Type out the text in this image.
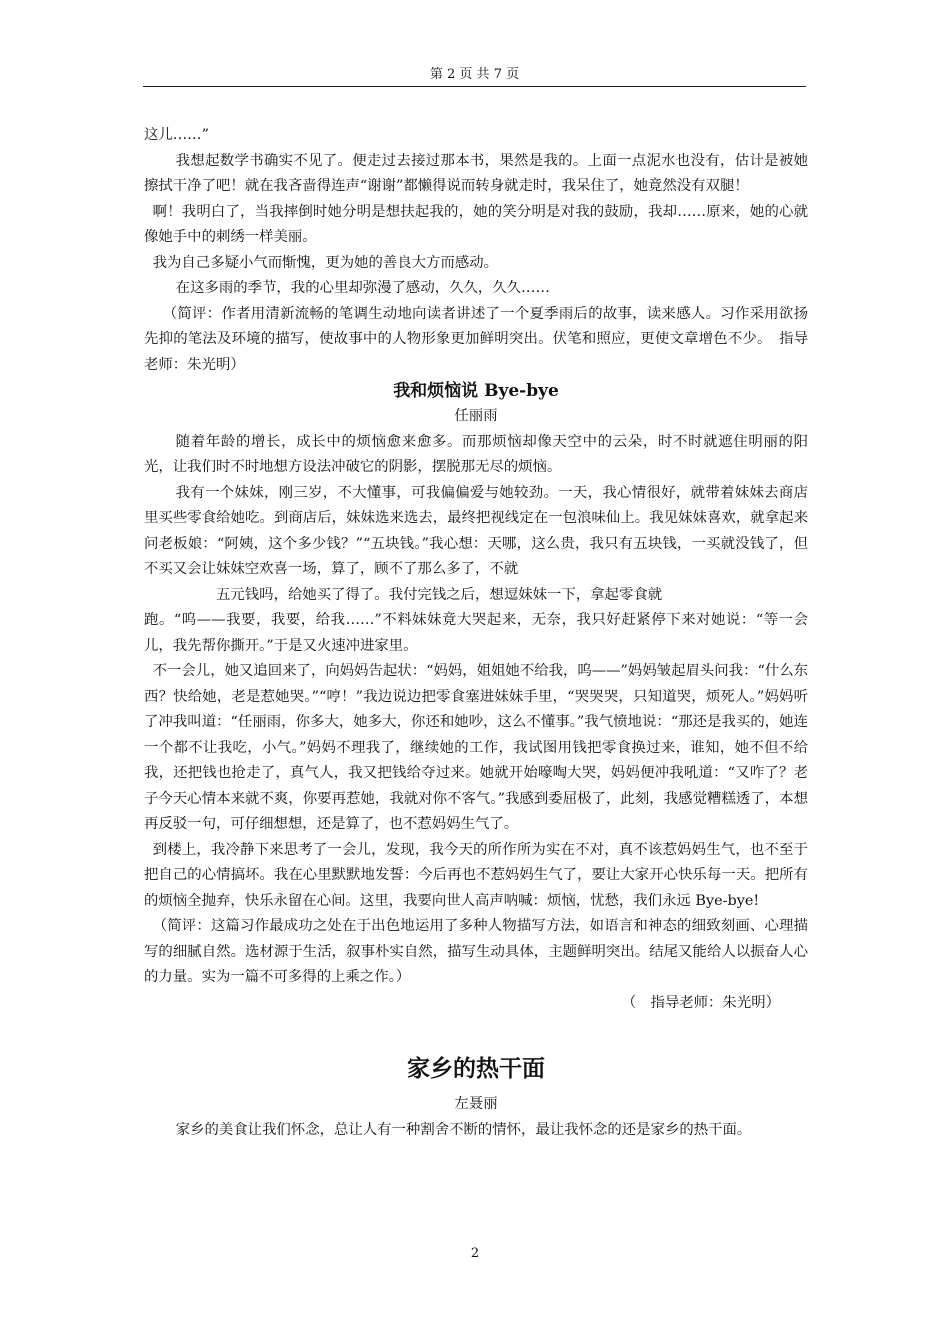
第 2 页 共 7 页

这儿……”

我想起数学书确实不见了。便走过去接过那本书，果然是我的。上面一点泥水也没有，估计是被她擦拭干净了吧！就在我吝啬得连声“谢谢”都懒得说而转身就走时，我呆住了，她竟然没有双腿！

啊！我明白了，当我摔倒时她分明是想扶起我的，她的笑分明是对我的鼓励，我却……原来，她的心就像她手中的刺绣一样美丽。

我为自己多疑小气而惭愧，更为她的善良大方而感动。

在这多雨的季节，我的心里却弥漫了感动，久久，久久……

（简评：作者用清新流畅的笔调生动地向读者讲述了一个夏季雨后的故事，读来感人。习作采用欲扬先抑的笔法及环境的描写，使故事中的人物形象更加鲜明突出。伏笔和照应，更使文章增色不少。　指导老师：朱光明）

我和烦恼说 Bye-bye

任丽雨

随着年龄的增长，成长中的烦恼愈来愈多。而那烦恼却像天空中的云朵，时不时就遮住明丽的阳光，让我们时不时地想方设法冲破它的阴影，摆脱那无尽的烦恼。

我有一个妹妹，刚三岁，不大懂事，可我偏偏爱与她较劲。一天，我心情很好，就带着妹妹去商店里买些零食给她吃。到商店后，妹妹选来选去，最终把视线定在一包浪味仙上。我见妹妹喜欢，就拿起来问老板娘：“阿姨，这个多少钱？”“五块钱。”我心想：天哪，这么贵，我只有五块钱，一买就没钱了，但不买又会让妹妹空欢喜一场，算了，顾不了那么多了，不就

五元钱吗，给她买了得了。我付完钱之后，想逗妹妹一下，拿起零食就

跑。“呜——我要，我要，给我……”不料妹妹竟大哭起来，无奈，我只好赶紧停下来对她说：“等一会儿，我先帮你撕开。”于是又火速冲进家里。

不一会儿，她又追回来了，向妈妈告起状：“妈妈，姐姐她不给我，呜——”妈妈皱起眉头问我：“什么东西？快给她，老是惹她哭。”“哼！”我边说边把零食塞进妹妹手里，“哭哭哭，只知道哭，烦死人。”妈妈听了冲我叫道：“任丽雨，你多大，她多大，你还和她吵，这么不懂事。”我气愤地说：“那还是我买的，她连一个都不让我吃，小气。”妈妈不理我了，继续她的工作，我试图用钱把零食换过来，谁知，她不但不给我，还把钱也抢走了，真气人，我又把钱给夺过来。她就开始嚎啕大哭，妈妈便冲我吼道：“又咋了？老子今天心情本来就不爽，你要再惹她，我就对你不客气。”我感到委屈极了，此刻，我感觉糟糕透了，本想再反驳一句，可仔细想想，还是算了，也不惹妈妈生气了。

到楼上，我冷静下来思考了一会儿，发现，我今天的所作所为实在不对，真不该惹妈妈生气，也不至于把自己的心情搞坏。我在心里默默地发誓：今后再也不惹妈妈生气了，要让大家开心快乐每一天。把所有的烦恼全抛弃，快乐永留在心间。这里，我要向世人高声呐喊：烦恼，忧愁，我们永远 Bye-bye!

（简评：这篇习作最成功之处在于出色地运用了多种人物描写方法，如语言和神态的细致刻画、心理描写的细腻自然。选材源于生活，叙事朴实自然，描写生动具体，主题鲜明突出。结尾又能给人以振奋人心的力量。实为一篇不可多得的上乘之作。）

（　指导老师：朱光明）

家乡的热干面

左聂丽

家乡的美食让我们怀念，总让人有一种割舍不断的情怀，最让我怀念的还是家乡的热干面。

2
